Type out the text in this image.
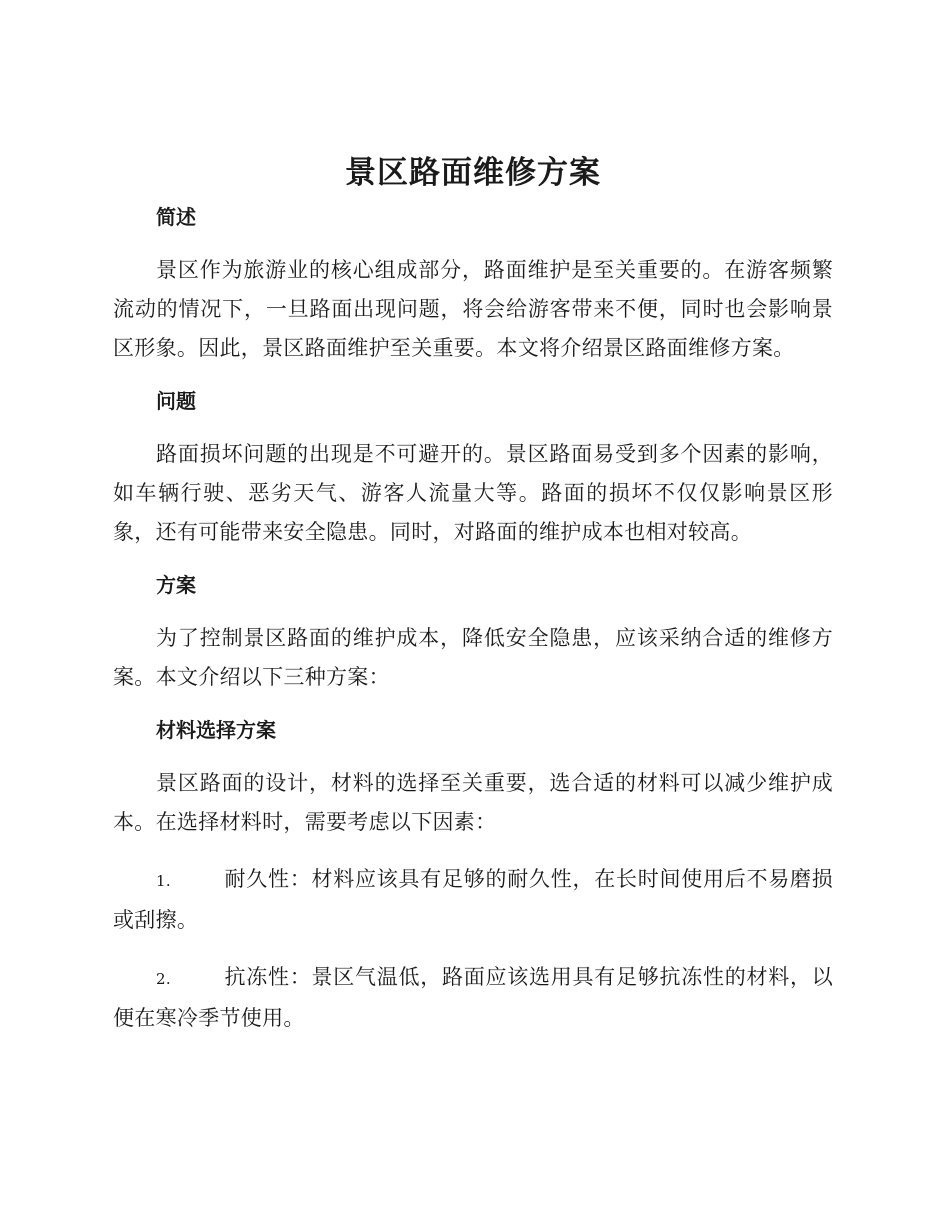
景区路面维修方案
简述

景区作为旅游业的核心组成部分，路面维护是至关重要的。在游客频繁流动的情况下，一旦路面出现问题，将会给游客带来不便，同时也会影响景区形象。因此，景区路面维护至关重要。本文将介绍景区路面维修方案。

问题

路面损坏问题的出现是不可避开的。景区路面易受到多个因素的影响，如车辆行驶、恶劣天气、游客人流量大等。路面的损坏不仅仅影响景区形象，还有可能带来安全隐患。同时，对路面的维护成本也相对较高。

方案

为了控制景区路面的维护成本，降低安全隐患，应该采纳合适的维修方案。本文介绍以下三种方案：

材料选择方案

景区路面的设计，材料的选择至关重要，选合适的材料可以减少维护成本。在选择材料时，需要考虑以下因素：

1.	耐久性：材料应该具有足够的耐久性，在长时间使用后不易磨损或刮擦。

2.	抗冻性：景区气温低，路面应该选用具有足够抗冻性的材料，以便在寒冷季节使用。
